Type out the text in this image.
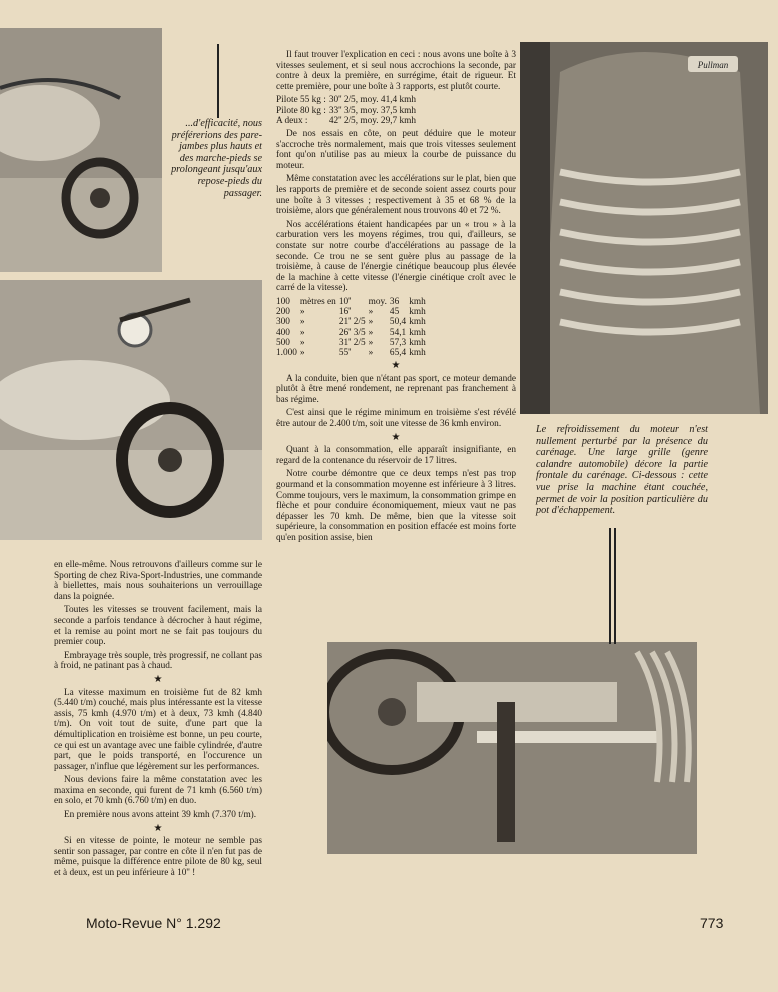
Pullman
...d'efficacité, nous préférerions des pare-jambes plus hauts et des marche-pieds se prolongeant jusqu'aux repose-pieds du passager.

Il faut trouver l'explication en ceci : nous avons une boîte à 3 vitesses seulement, et si seul nous accrochions la seconde, par contre à deux la première, en surrégime, était de rigueur. Et cette première, pour une boîte à 3 rapports, est plutôt courte.

Pilote 55 kg :	30'' 2/5, moy. 41,4 kmh
Pilote 80 kg :	33'' 3/5, moy. 37,5 kmh
A deux :	42'' 2/5, moy. 29,7 kmh

De nos essais en côte, on peut déduire que le moteur s'accroche très normalement, mais que trois vitesses seulement font qu'on n'utilise pas au mieux la courbe de puissance du moteur.

Même constatation avec les accélérations sur le plat, bien que les rapports de première et de seconde soient assez courts pour une boîte à 3 vitesses ; respectivement à 35 et 68 % de la troisième, alors que généralement nous trouvons 40 et 72 %.

Nos accélérations étaient handicapées par un « trou » à la carburation vers les moyens régimes, trou qui, d'ailleurs, se constate sur notre courbe d'accélérations au passage de la seconde. Ce trou ne se sent guère plus au passage de la troisième, à cause de l'énergie cinétique beaucoup plus élevée de la machine à cette vitesse (l'énergie cinétique croît avec le carré de la vitesse).

100	mètres en	10''	moy.	36	kmh
200	»	16''	»	45	kmh
300	»	21'' 2/5	»	50,4	kmh
400	»	26'' 3/5	»	54,1	kmh
500	»	31'' 2/5	»	57,3	kmh
1.000	»	55''	»	65,4	kmh

★

A la conduite, bien que n'étant pas sport, ce moteur demande plutôt à être mené rondement, ne reprenant pas franchement à bas régime.

C'est ainsi que le régime minimum en troisième s'est révélé être autour de 2.400 t/m, soit une vitesse de 36 kmh environ.

★

Quant à la consommation, elle apparaît insignifiante, en regard de la contenance du réservoir de 17 litres.

Notre courbe démontre que ce deux temps n'est pas trop gourmand et la consommation moyenne est inférieure à 3 litres. Comme toujours, vers le maximum, la consommation grimpe en flèche et pour conduire économiquement, mieux vaut ne pas dépasser les 70 kmh. De même, bien que la vitesse soit supérieure, la consommation en position effacée est moins forte qu'en position assise, bien

Le refroidissement du moteur n'est nullement perturbé par la présence du carénage. Une large grille (genre calandre automobile) décore la partie frontale du carénage. Ci-dessous : cette vue prise la machine étant couchée, permet de voir la position particulière du pot d'échappement.

en elle-même. Nous retrouvons d'ailleurs comme sur le Sporting de chez Riva-Sport-Industries, une commande à biellettes, mais nous souhaiterions un verrouillage dans la poignée.

Toutes les vitesses se trouvent facilement, mais la seconde a parfois tendance à décrocher à haut régime, et la remise au point mort ne se fait pas toujours du premier coup.

Embrayage très souple, très progressif, ne collant pas à froid, ne patinant pas à chaud.

★

La vitesse maximum en troisième fut de 82 kmh (5.440 t/m) couché, mais plus intéressante est la vitesse assis, 75 kmh (4.970 t/m) et à deux, 73 kmh (4.840 t/m). On voit tout de suite, d'une part que la démultiplication en troisième est bonne, un peu courte, ce qui est un avantage avec une faible cylindrée, d'autre part, que le poids transporté, en l'occurence un passager, n'influe que légèrement sur les performances.

Nous devions faire la même constatation avec les maxima en seconde, qui furent de 71 kmh (6.560 t/m) en solo, et 70 kmh (6.760 t/m) en duo.

En première nous avons atteint 39 kmh (7.370 t/m).

★

Si en vitesse de pointe, le moteur ne semble pas sentir son passager, par contre en côte il n'en fut pas de même, puisque la différence entre pilote de 80 kg, seul et à deux, est un peu inférieure à 10'' !

Moto-Revue N° 1.292	773
